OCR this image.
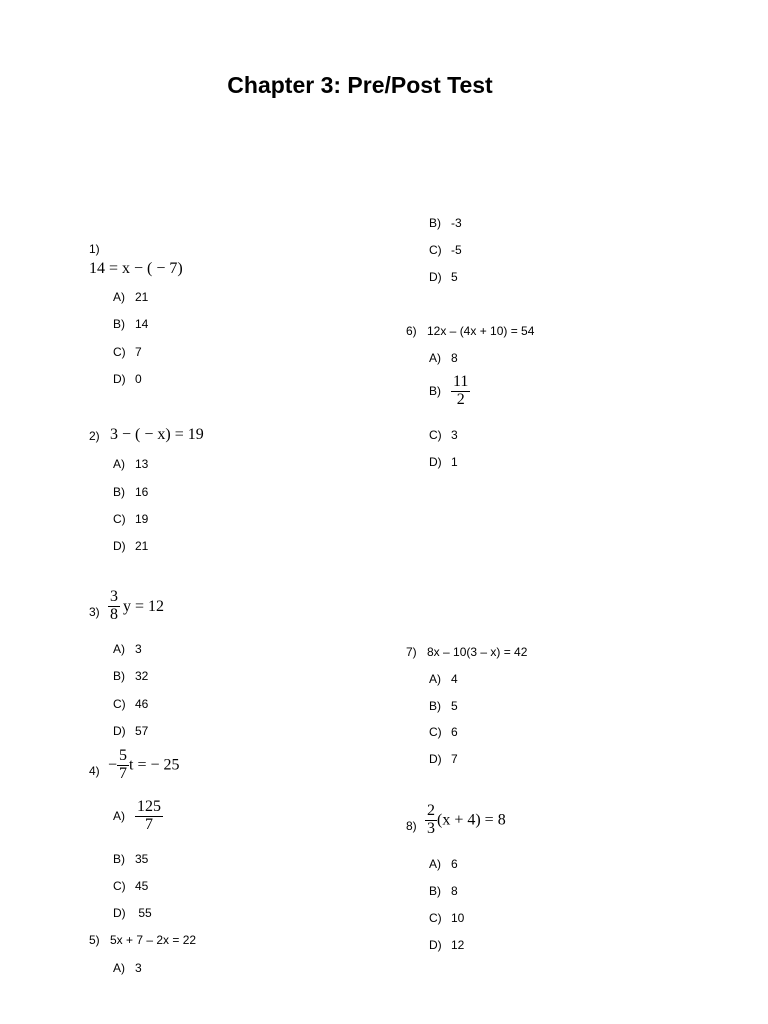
Chapter 3: Pre/Post Test
1)
14 = x − ( − 7)
A) 21
B) 14
C) 7
D) 0
2) 3 − ( − x) = 19
A) 13
B) 16
C) 19
D) 21
$3) \frac{3}{8}$ y = 12
A) 3
B) 32
C) 46
D) 57
$4) - \frac{5}{7}$ t = − 25
$A) \frac{125}{7}$
B) 35
C) 45
D) 55
5) 5x + 7 – 2x = 22
A) 3
B) -3
C) -5
D) 5
6) 12x – (4x + 10) = 54
A) 8
$B) \frac{11}{2}$
C) 3
D) 1
7) 8x – 10(3 – x) = 42
A) 4
B) 5
C) 6
D) 7
$8) \frac{2}{3} (x + 4) = 8$
A) 6
B) 8
C) 10
D) 12
